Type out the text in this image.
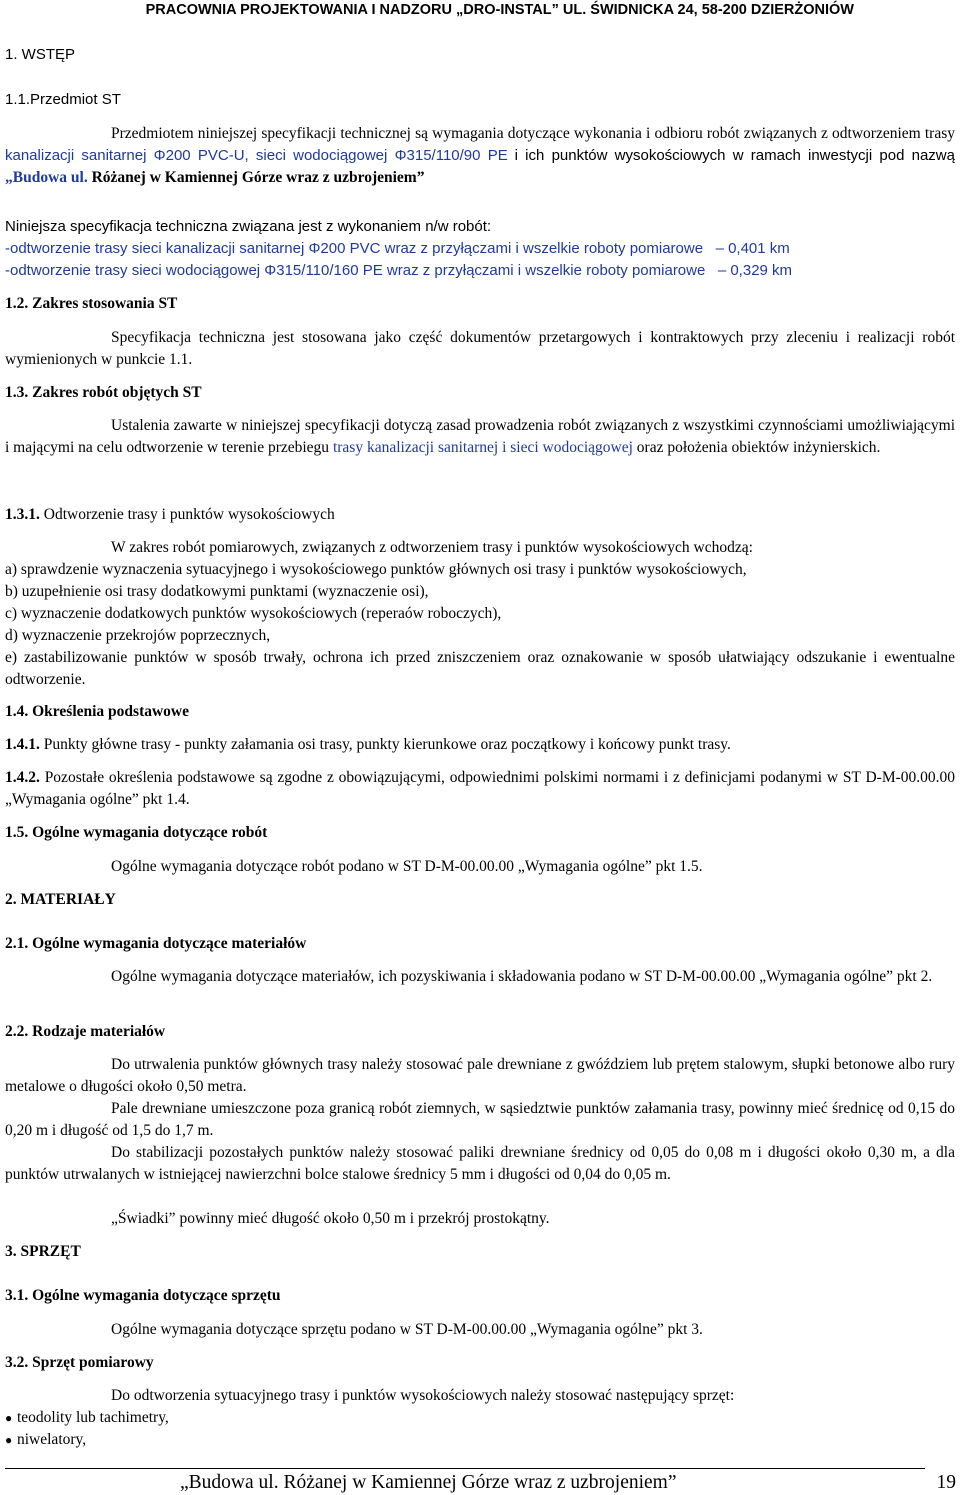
PRACOWNIA PROJEKTOWANIA I NADZORU „DRO-INSTAL” UL. ŚWIDNICKA 24, 58-200 DZIERŻONIÓW
1. WSTĘP
1.1.Przedmiot ST
Przedmiotem niniejszej specyfikacji technicznej są wymagania dotyczące wykonania i odbioru robót związanych z odtworzeniem trasy kanalizacji sanitarnej Φ200 PVC-U, sieci wodociągowej Φ315/110/90 PE i ich punktów wysokościowych w ramach inwestycji pod nazwą „Budowa ul. Różanej w Kamiennej Górze wraz z uzbrojeniem”
Niniejsza specyfikacja techniczna związana jest z wykonaniem n/w robót:
-odtworzenie trasy sieci kanalizacji sanitarnej Φ200 PVC wraz z przyłączami i wszelkie roboty pomiarowe   – 0,401 km
-odtworzenie trasy sieci wodociągowej Φ315/110/160 PE wraz z przyłączami i wszelkie roboty pomiarowe   – 0,329 km
1.2. Zakres stosowania ST
Specyfikacja techniczna jest stosowana jako część dokumentów przetargowych i kontraktowych przy zleceniu i realizacji robót wymienionych w punkcie 1.1.
1.3. Zakres robót objętych ST
Ustalenia zawarte w niniejszej specyfikacji dotyczą zasad prowadzenia robót związanych z wszystkimi czynnościami umożliwiającymi i mającymi na celu odtworzenie w terenie przebiegu trasy kanalizacji sanitarnej i sieci wodociągowej oraz położenia obiektów inżynierskich.
1.3.1. Odtworzenie trasy i punktów wysokościowych
W zakres robót pomiarowych, związanych z odtworzeniem trasy i punktów wysokościowych wchodzą:
a) sprawdzenie wyznaczenia sytuacyjnego i wysokościowego punktów głównych osi trasy i punktów wysokościowych,
b) uzupełnienie osi trasy dodatkowymi punktami (wyznaczenie osi),
c) wyznaczenie dodatkowych punktów wysokościowych (reperaów roboczych),
d) wyznaczenie przekrojów poprzecznych,
e) zastabilizowanie punktów w sposób trwały, ochrona ich przed zniszczeniem oraz oznakowanie w sposób ułatwiający odszukanie i ewentualne odtworzenie.
1.4. Określenia podstawowe
1.4.1. Punkty główne trasy - punkty załamania osi trasy, punkty kierunkowe oraz początkowy i końcowy punkt trasy.
1.4.2. Pozostałe określenia podstawowe są zgodne z obowiązującymi, odpowiednimi polskimi normami i z definicjami podanymi w ST D-M-00.00.00 „Wymagania ogólne” pkt 1.4.
1.5. Ogólne wymagania dotyczące robót
Ogólne wymagania dotyczące robót podano w ST D-M-00.00.00 „Wymagania ogólne” pkt 1.5.
2. MATERIAŁY
2.1. Ogólne wymagania dotyczące materiałów
Ogólne wymagania dotyczące materiałów, ich pozyskiwania i składowania podano w ST D-M-00.00.00 „Wymagania ogólne” pkt 2.
2.2. Rodzaje materiałów
Do utrwalenia punktów głównych trasy należy stosować pale drewniane z gwóździem lub prętem stalowym, słupki betonowe albo rury metalowe o długości około 0,50 metra.
Pale drewniane umieszczone poza granicą robót ziemnych, w sąsiedztwie punktów załamania trasy, powinny mieć średnicę od 0,15 do 0,20 m i długość od 1,5 do 1,7 m.
Do stabilizacji pozostałych punktów należy stosować paliki drewniane średnicy od 0,05 do 0,08 m i długości około 0,30 m, a dla punktów utrwalanych w istniejącej nawierzchni bolce stalowe średnicy 5 mm i długości od 0,04 do 0,05 m.
„Świadki” powinny mieć długość około 0,50 m i przekrój prostokątny.
3. SPRZĘT
3.1. Ogólne wymagania dotyczące sprzętu
Ogólne wymagania dotyczące sprzętu podano w ST D-M-00.00.00 „Wymagania ogólne” pkt 3.
3.2. Sprzęt pomiarowy
Do odtworzenia sytuacyjnego trasy i punktów wysokościowych należy stosować następujący sprzęt:
● teodolity lub tachimetry,
● niwelatory,
„Budowa ul. Różanej w Kamiennej Górze wraz z uzbrojeniem”	19
